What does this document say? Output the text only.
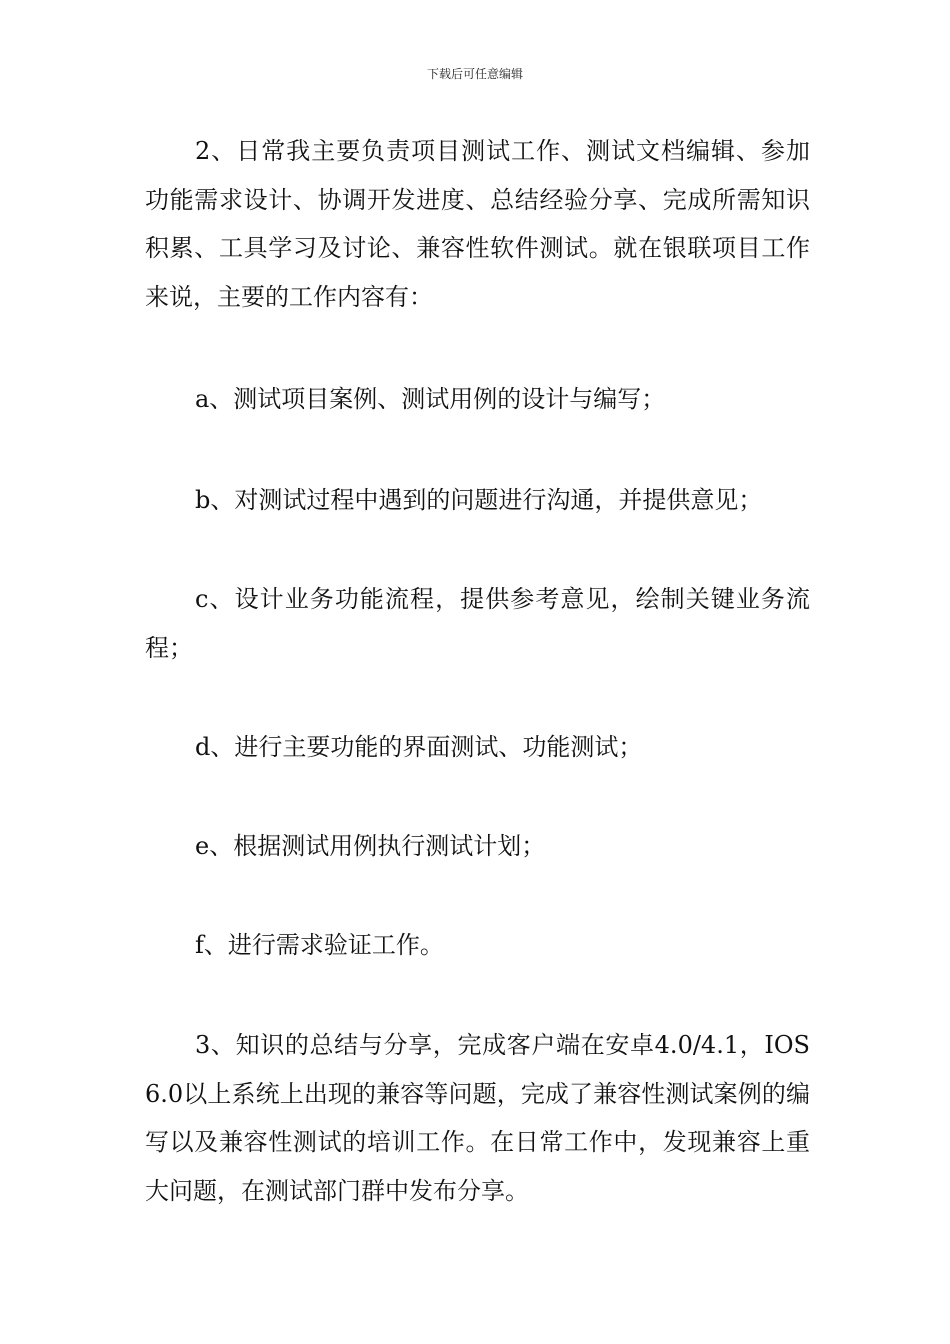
下载后可任意编辑

2、日常我主要负责项目测试工作、测试文档编辑、参加功能需求设计、协调开发进度、总结经验分享、完成所需知识积累、工具学习及讨论、兼容性软件测试。就在银联项目工作来说，主要的工作内容有：

a、测试项目案例、测试用例的设计与编写；

b、对测试过程中遇到的问题进行沟通，并提供意见；

c、设计业务功能流程，提供参考意见，绘制关键业务流程；

d、进行主要功能的界面测试、功能测试；

e、根据测试用例执行测试计划；

f、进行需求验证工作。

3、知识的总结与分享，完成客户端在安卓4.0/4.1，IOS6.0以上系统上出现的兼容等问题，完成了兼容性测试案例的编写以及兼容性测试的培训工作。在日常工作中，发现兼容上重大问题，在测试部门群中发布分享。
